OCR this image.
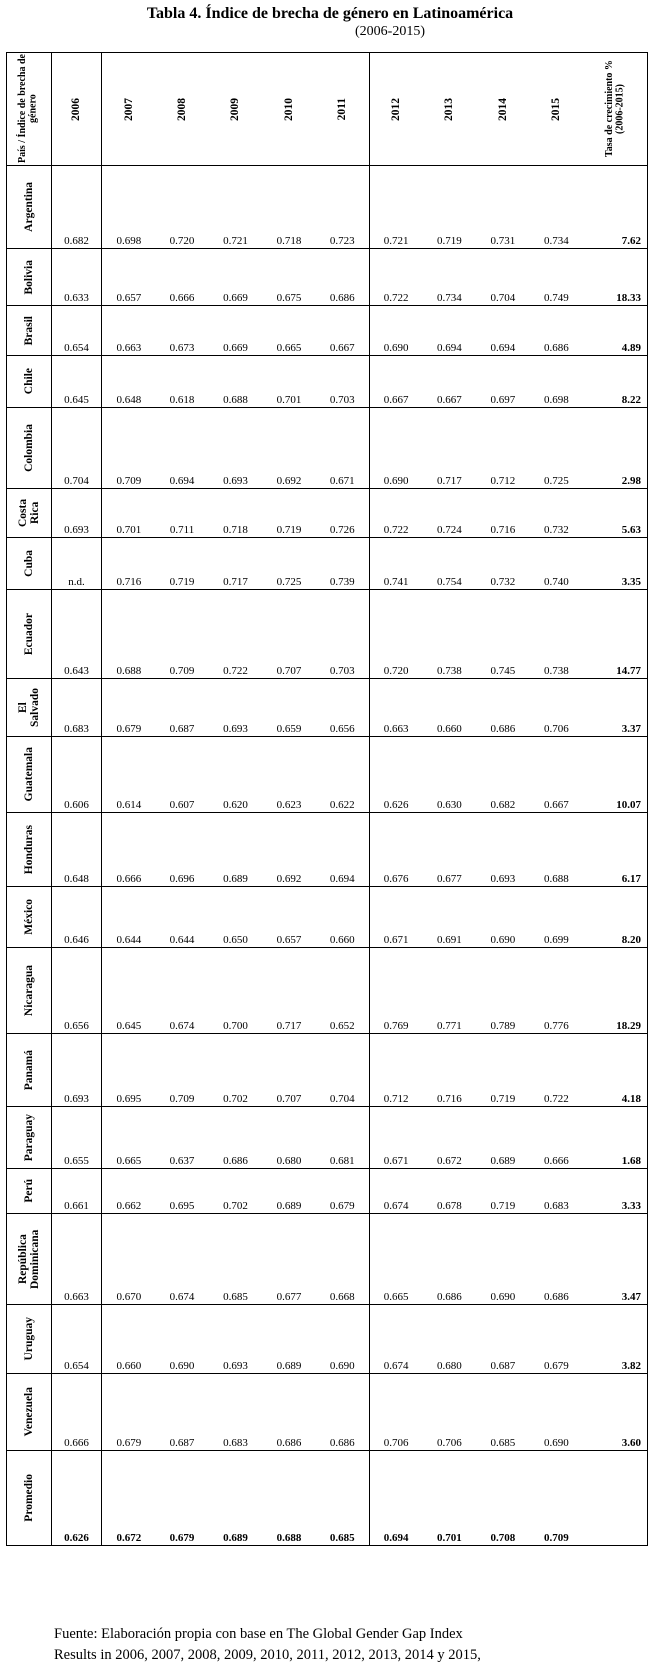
Tabla 4. Índice de brecha de género en Latinoamérica
(2006-2015)
País / Índice de brecha de género	2006	2007	2008	2009	2010	2011	2012	2013	2014	2015	Tasa de crecimiento % (2006-2015)

Argentina	0.682	0.698	0.720	0.721	0.718	0.723	0.721	0.719	0.731	0.734	7.62

Bolivia	0.633	0.657	0.666	0.669	0.675	0.686	0.722	0.734	0.704	0.749	18.33

Brasil	0.654	0.663	0.673	0.669	0.665	0.667	0.690	0.694	0.694	0.686	4.89

Chile	0.645	0.648	0.618	0.688	0.701	0.703	0.667	0.667	0.697	0.698	8.22

Colombia	0.704	0.709	0.694	0.693	0.692	0.671	0.690	0.717	0.712	0.725	2.98

Costa Rica	0.693	0.701	0.711	0.718	0.719	0.726	0.722	0.724	0.716	0.732	5.63

Cuba	n.d.	0.716	0.719	0.717	0.725	0.739	0.741	0.754	0.732	0.740	3.35

Ecuador	0.643	0.688	0.709	0.722	0.707	0.703	0.720	0.738	0.745	0.738	14.77

El Salvado	0.683	0.679	0.687	0.693	0.659	0.656	0.663	0.660	0.686	0.706	3.37

Guatemala	0.606	0.614	0.607	0.620	0.623	0.622	0.626	0.630	0.682	0.667	10.07

Honduras	0.648	0.666	0.696	0.689	0.692	0.694	0.676	0.677	0.693	0.688	6.17

México	0.646	0.644	0.644	0.650	0.657	0.660	0.671	0.691	0.690	0.699	8.20

Nicaragua	0.656	0.645	0.674	0.700	0.717	0.652	0.769	0.771	0.789	0.776	18.29

Panamá	0.693	0.695	0.709	0.702	0.707	0.704	0.712	0.716	0.719	0.722	4.18

Paraguay	0.655	0.665	0.637	0.686	0.680	0.681	0.671	0.672	0.689	0.666	1.68

Perú	0.661	0.662	0.695	0.702	0.689	0.679	0.674	0.678	0.719	0.683	3.33

República Dominicana	0.663	0.670	0.674	0.685	0.677	0.668	0.665	0.686	0.690	0.686	3.47

Uruguay	0.654	0.660	0.690	0.693	0.689	0.690	0.674	0.680	0.687	0.679	3.82

Venezuela	0.666	0.679	0.687	0.683	0.686	0.686	0.706	0.706	0.685	0.690	3.60

Promedio	0.626	0.672	0.679	0.689	0.688	0.685	0.694	0.701	0.708	0.709	
Fuente: Elaboración propia con base en The Global Gender Gap Index
Results in 2006, 2007, 2008, 2009, 2010, 2011, 2012, 2013, 2014 y 2015,
